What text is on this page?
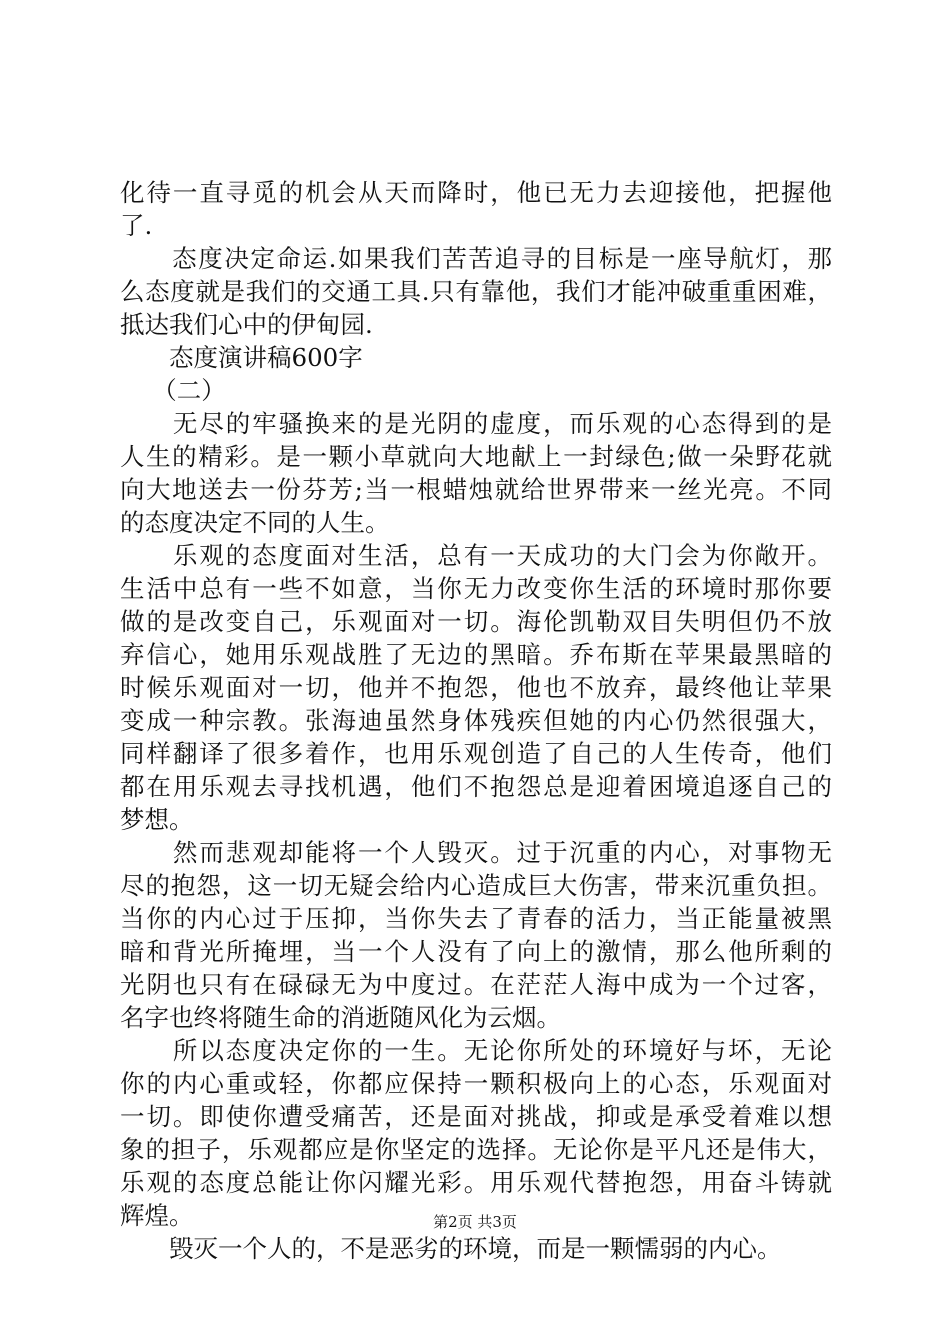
化待一直寻觅的机会从天而降时，他已无力去迎接他，把握他
了.
　　态度决定命运.如果我们苦苦追寻的目标是一座导航灯，那
么态度就是我们的交通工具.只有靠他，我们才能冲破重重困难，
抵达我们心中的伊甸园.
　　态度演讲稿600字
　 （二）
　　无尽的牢骚换来的是光阴的虚度，而乐观的心态得到的是
人生的精彩。是一颗小草就向大地献上一封绿色;做一朵野花就
向大地送去一份芬芳;当一根蜡烛就给世界带来一丝光亮。不同
的态度决定不同的人生。
　　乐观的态度面对生活，总有一天成功的大门会为你敞开。
生活中总有一些不如意，当你无力改变你生活的环境时那你要
做的是改变自己，乐观面对一切。海伦凯勒双目失明但仍不放
弃信心，她用乐观战胜了无边的黑暗。乔布斯在苹果最黑暗的
时候乐观面对一切，他并不抱怨，他也不放弃，最终他让苹果
变成一种宗教。张海迪虽然身体残疾但她的内心仍然很强大，
同样翻译了很多着作，也用乐观创造了自己的人生传奇，他们
都在用乐观去寻找机遇，他们不抱怨总是迎着困境追逐自己的
梦想。
　　然而悲观却能将一个人毁灭。过于沉重的内心，对事物无
尽的抱怨，这一切无疑会给内心造成巨大伤害，带来沉重负担。
当你的内心过于压抑，当你失去了青春的活力，当正能量被黑
暗和背光所掩埋，当一个人没有了向上的激情，那么他所剩的
光阴也只有在碌碌无为中度过。在茫茫人海中成为一个过客，
名字也终将随生命的消逝随风化为云烟。
　　所以态度决定你的一生。无论你所处的环境好与坏，无论
你的内心重或轻，你都应保持一颗积极向上的心态，乐观面对
一切。即使你遭受痛苦，还是面对挑战，抑或是承受着难以想
象的担子，乐观都应是你坚定的选择。无论你是平凡还是伟大，
乐观的态度总能让你闪耀光彩。用乐观代替抱怨，用奋斗铸就
辉煌。
　　毁灭一个人的，不是恶劣的环境，而是一颗懦弱的内心。
第2页 共3页
